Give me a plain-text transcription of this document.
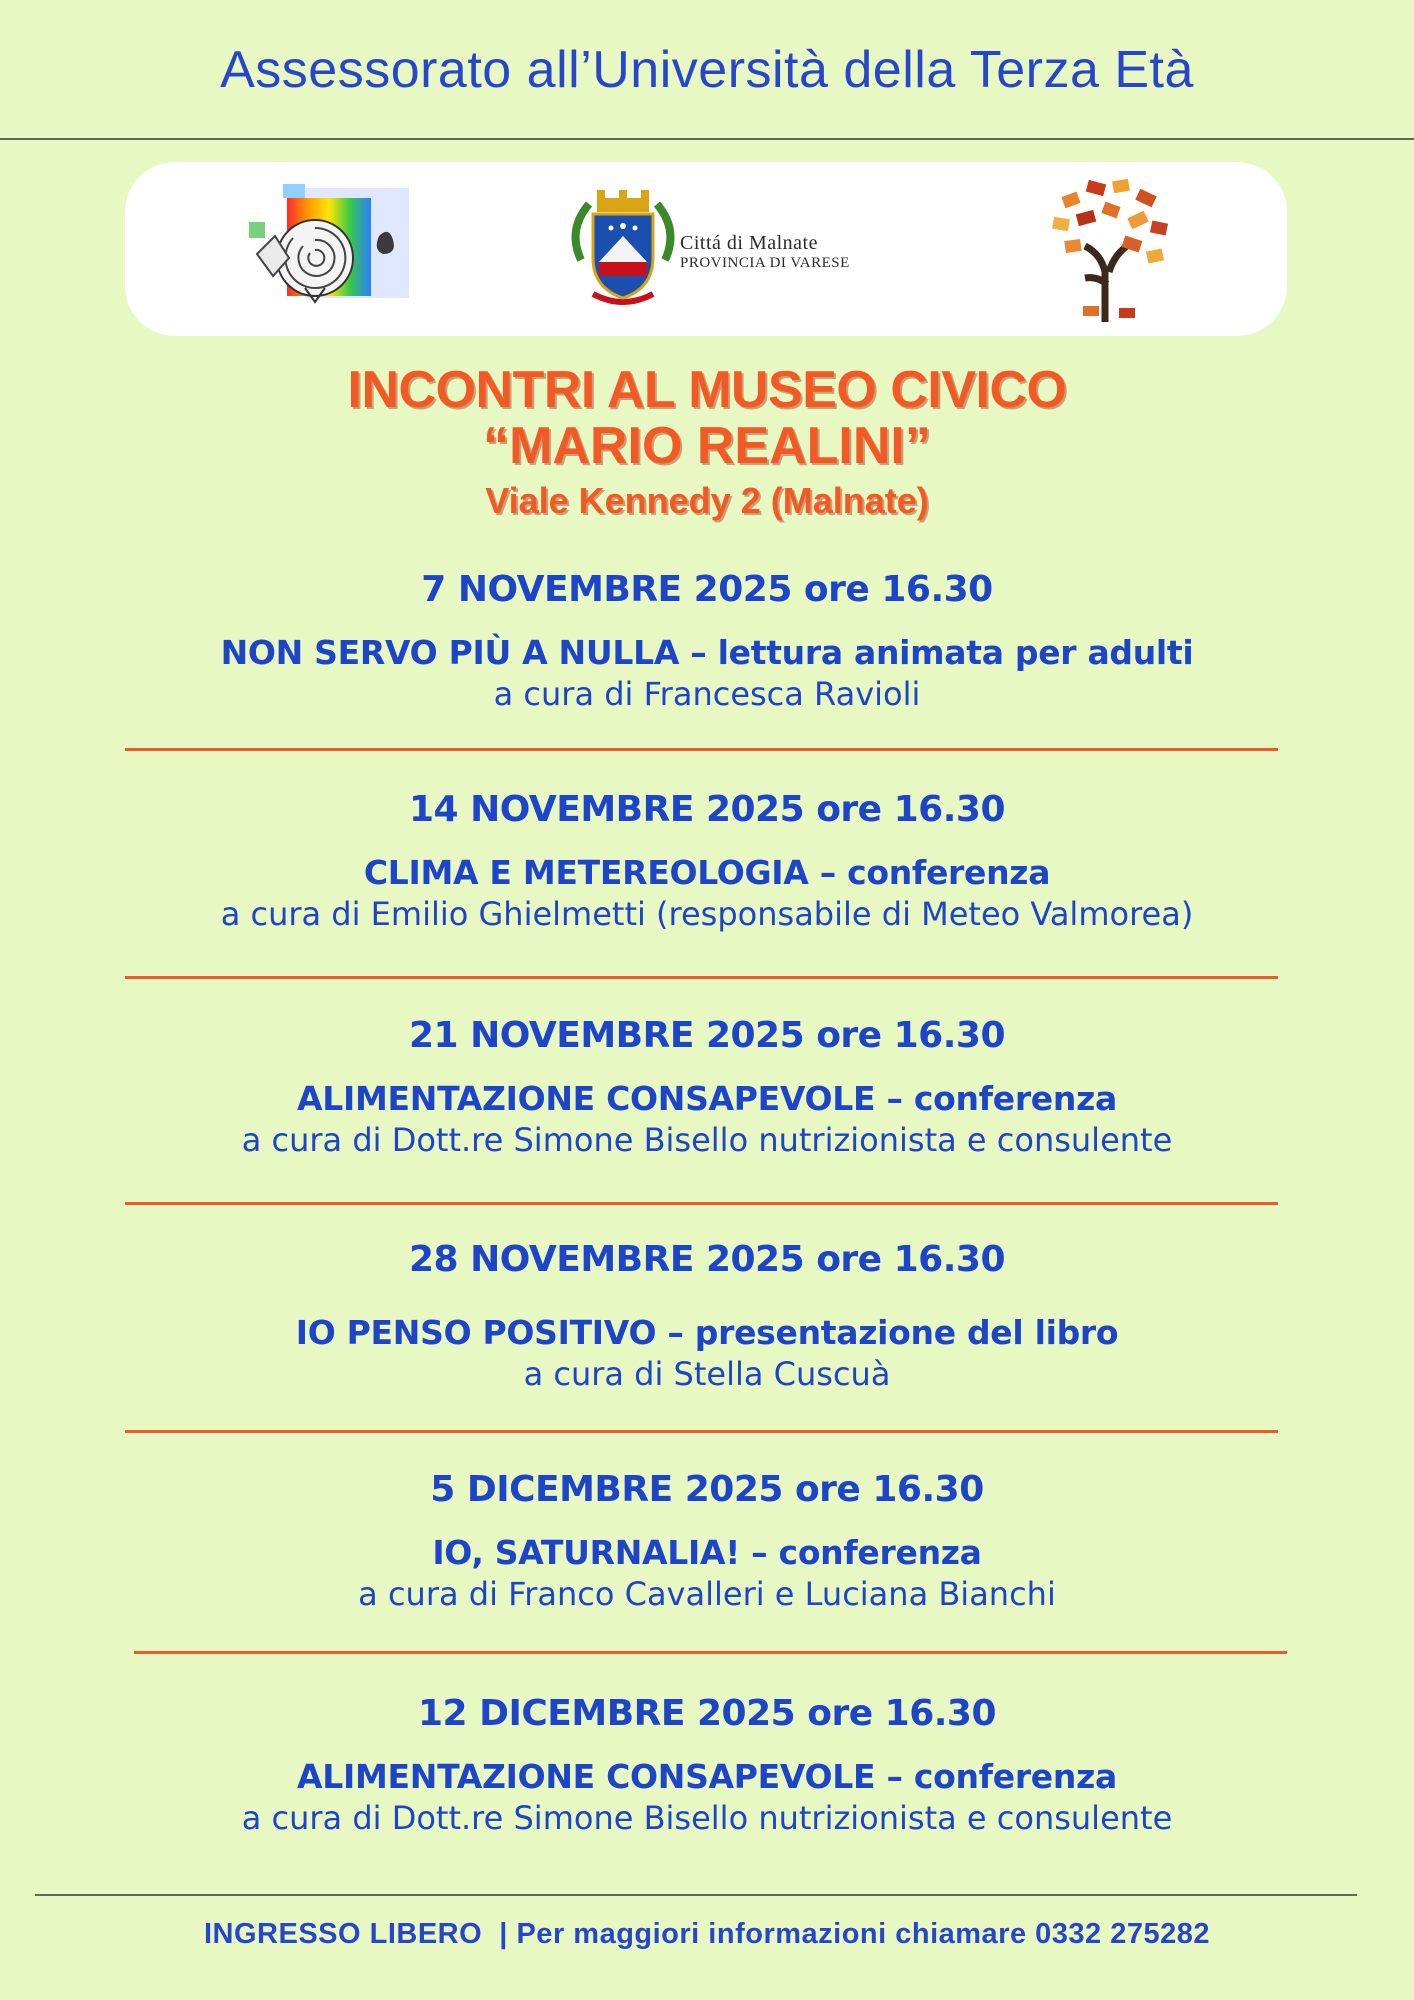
Assessorato all’Università della Terza Età
Cittá di Malnate
PROVINCIA DI VARESE
INCONTRI AL MUSEO CIVICO
“MARIO REALINI”
Viale Kennedy 2 (Malnate)
7 NOVEMBRE 2025 ore 16.30
NON SERVO PIÙ A NULLA – lettura animata per adulti
a cura di Francesca Ravioli
14 NOVEMBRE 2025 ore 16.30
CLIMA E METEREOLOGIA – conferenza
a cura di Emilio Ghielmetti (responsabile di Meteo Valmorea)
21 NOVEMBRE 2025 ore 16.30
ALIMENTAZIONE CONSAPEVOLE – conferenza
a cura di Dott.re Simone Bisello nutrizionista e consulente
28 NOVEMBRE 2025 ore 16.30
IO PENSO POSITIVO – presentazione del libro
a cura di Stella Cuscuà
5 DICEMBRE 2025 ore 16.30
IO, SATURNALIA! – conferenza
a cura di Franco Cavalleri e Luciana Bianchi
12 DICEMBRE 2025 ore 16.30
ALIMENTAZIONE CONSAPEVOLE – conferenza
a cura di Dott.re Simone Bisello nutrizionista e consulente
INGRESSO LIBERO  | Per maggiori informazioni chiamare 0332 275282
